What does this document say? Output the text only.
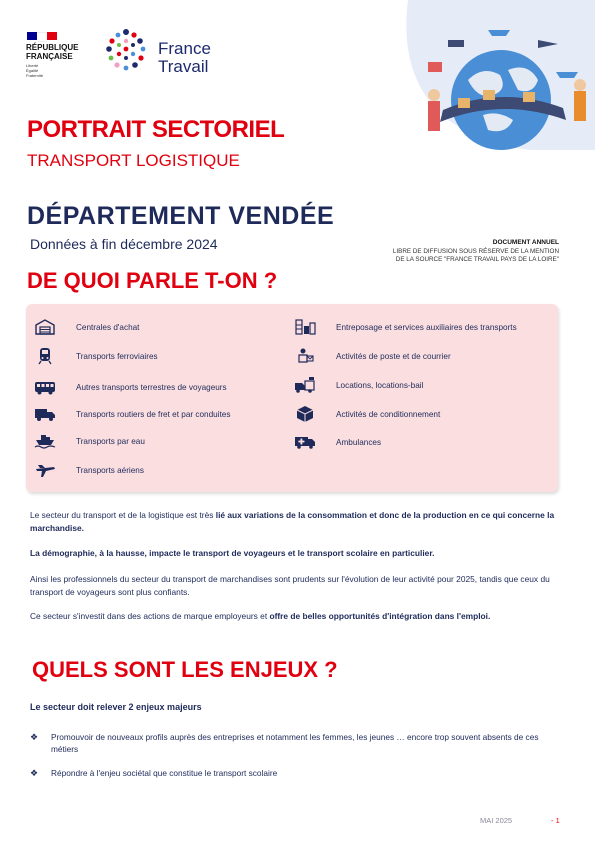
RÉPUBLIQUE
FRANÇAISE
Liberté
Égalité
Fraternité
France
Travail
PORTRAIT SECTORIEL
TRANSPORT LOGISTIQUE
DÉPARTEMENT VENDÉE
Données à fin décembre 2024	DOCUMENT ANNUEL
LIBRE DE DIFFUSION SOUS RÉSERVE DE LA MENTION
DE LA SOURCE "FRANCE TRAVAIL PAYS DE LA LOIRE"
DE QUOI PARLE T-ON ?
Centrales d'achat
Transports ferroviaires
Autres transports terrestres de voyageurs
Transports routiers de fret et par conduites
Transports par eau
Transports aériens
Entreposage et services auxiliaires des transports
Activités de poste et de courrier
Locations, locations-bail
Activités de conditionnement
Ambulances
Le secteur du transport et de la logistique est très lié aux variations de la consommation et donc de la production en ce qui concerne la marchandise.
La démographie, à la hausse, impacte le transport de voyageurs et le transport scolaire en particulier.
Ainsi les professionnels du secteur du transport de marchandises sont prudents sur l'évolution de leur activité pour 2025, tandis que ceux du transport de voyageurs sont plus confiants.
Ce secteur s'investit dans des actions de marque employeurs et offre de belles opportunités d'intégration dans l'emploi.
QUELS SONT LES ENJEUX ?
Le secteur doit relever 2 enjeux majeurs
❖	Promouvoir de nouveaux profils auprès des entreprises et notamment les femmes, les jeunes … encore trop souvent absents de ces métiers
❖	Répondre à l'enjeu sociétal que constitue le transport scolaire
MAI 2025	- 1
